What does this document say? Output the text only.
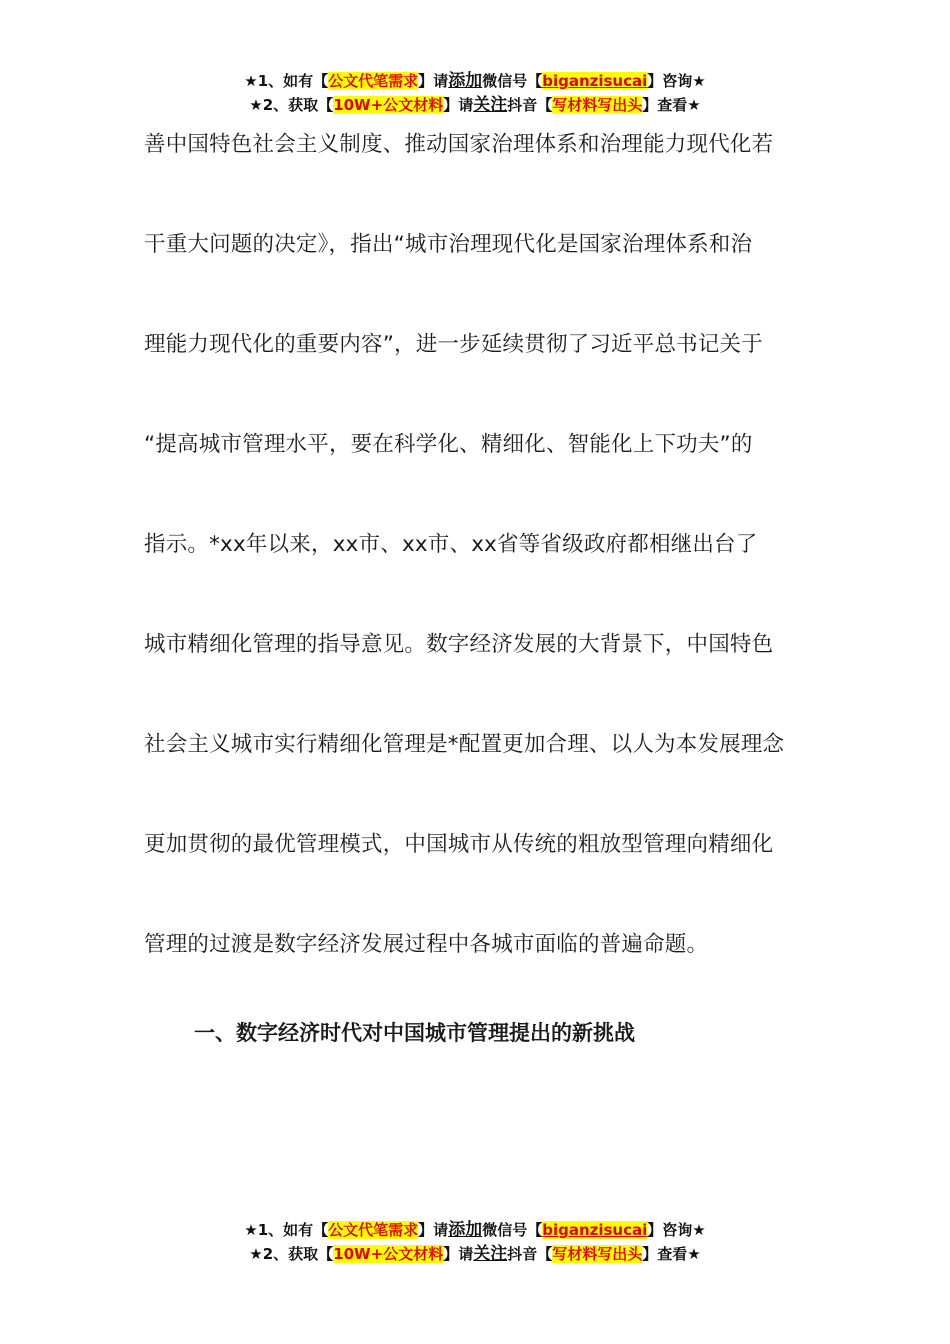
★1、如有【公文代笔需求】请添加微信号【biganzisucai】咨询★
★2、获取【10W+公文材料】请关注抖音【写材料写出头】查看★
善中国特色社会主义制度、推动国家治理体系和治理能力现代化若
干重大问题的决定》，指出“城市治理现代化是国家治理体系和治
理能力现代化的重要内容”，进一步延续贯彻了习近平总书记关于
“提高城市管理水平，要在科学化、精细化、智能化上下功夫”的
指示。*xx年以来，xx市、xx市、xx省等省级政府都相继出台了
城市精细化管理的指导意见。数字经济发展的大背景下，中国特色
社会主义城市实行精细化管理是*配置更加合理、以人为本发展理念
更加贯彻的最优管理模式，中国城市从传统的粗放型管理向精细化
管理的过渡是数字经济发展过程中各城市面临的普遍命题。
一、数字经济时代对中国城市管理提出的新挑战
★1、如有【公文代笔需求】请添加微信号【biganzisucai】咨询★
★2、获取【10W+公文材料】请关注抖音【写材料写出头】查看★
